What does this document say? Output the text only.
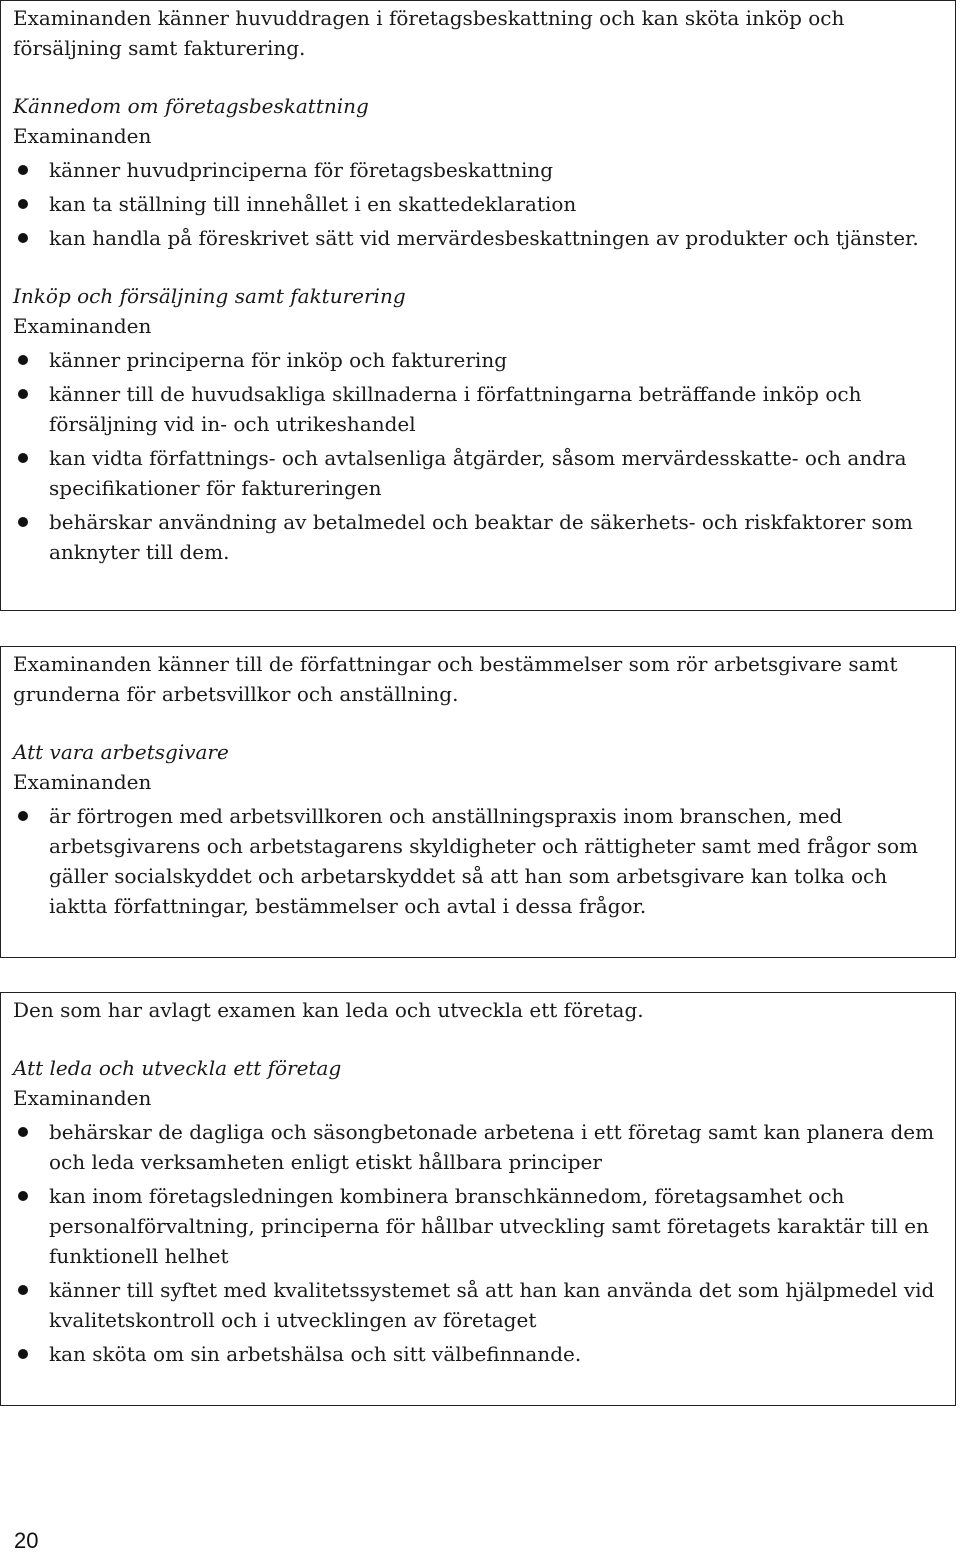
Examinanden känner huvuddragen i företagsbeskattning och kan sköta inköp och försäljning samt fakturering.

Kännedom om företagsbeskattning

Examinanden

känner huvudprinciperna för företagsbeskattning
kan ta ställning till innehållet i en skattedeklaration
kan handla på föreskrivet sätt vid mervärdesbeskattningen av produkter och tjänster.

Inköp och försäljning samt fakturering

Examinanden

känner principerna för inköp och fakturering
känner till de huvudsakliga skillnaderna i författningarna beträffande inköp och försäljning vid in- och utrikeshandel
kan vidta författnings- och avtalsenliga åtgärder, såsom mervärdesskatte- och andra specifikationer för faktureringen
behärskar användning av betalmedel och beaktar de säkerhets- och riskfaktorer som anknyter till dem.

Examinanden känner till de författningar och bestämmelser som rör arbetsgivare samt grunderna för arbetsvillkor och anställning.

Att vara arbetsgivare

Examinanden

är förtrogen med arbetsvillkoren och anställningspraxis inom branschen, med arbetsgivarens och arbetstagarens skyldigheter och rättigheter samt med frågor som gäller socialskyddet och arbetarskyddet så att han som arbetsgivare kan tolka och iaktta författningar, bestämmelser och avtal i dessa frågor.

Den som har avlagt examen kan leda och utveckla ett företag.

Att leda och utveckla ett företag

Examinanden

behärskar de dagliga och säsongbetonade arbetena i ett företag samt kan planera dem och leda verksamheten enligt etiskt hållbara principer
kan inom företagsledningen kombinera branschkännedom, företagsamhet och personalförvaltning, principerna för hållbar utveckling samt företagets karaktär till en funktionell helhet
känner till syftet med kvalitetssystemet så att han kan använda det som hjälpmedel vid kvalitetskontroll och i utvecklingen av företaget
kan sköta om sin arbetshälsa och sitt välbefinnande.
20
